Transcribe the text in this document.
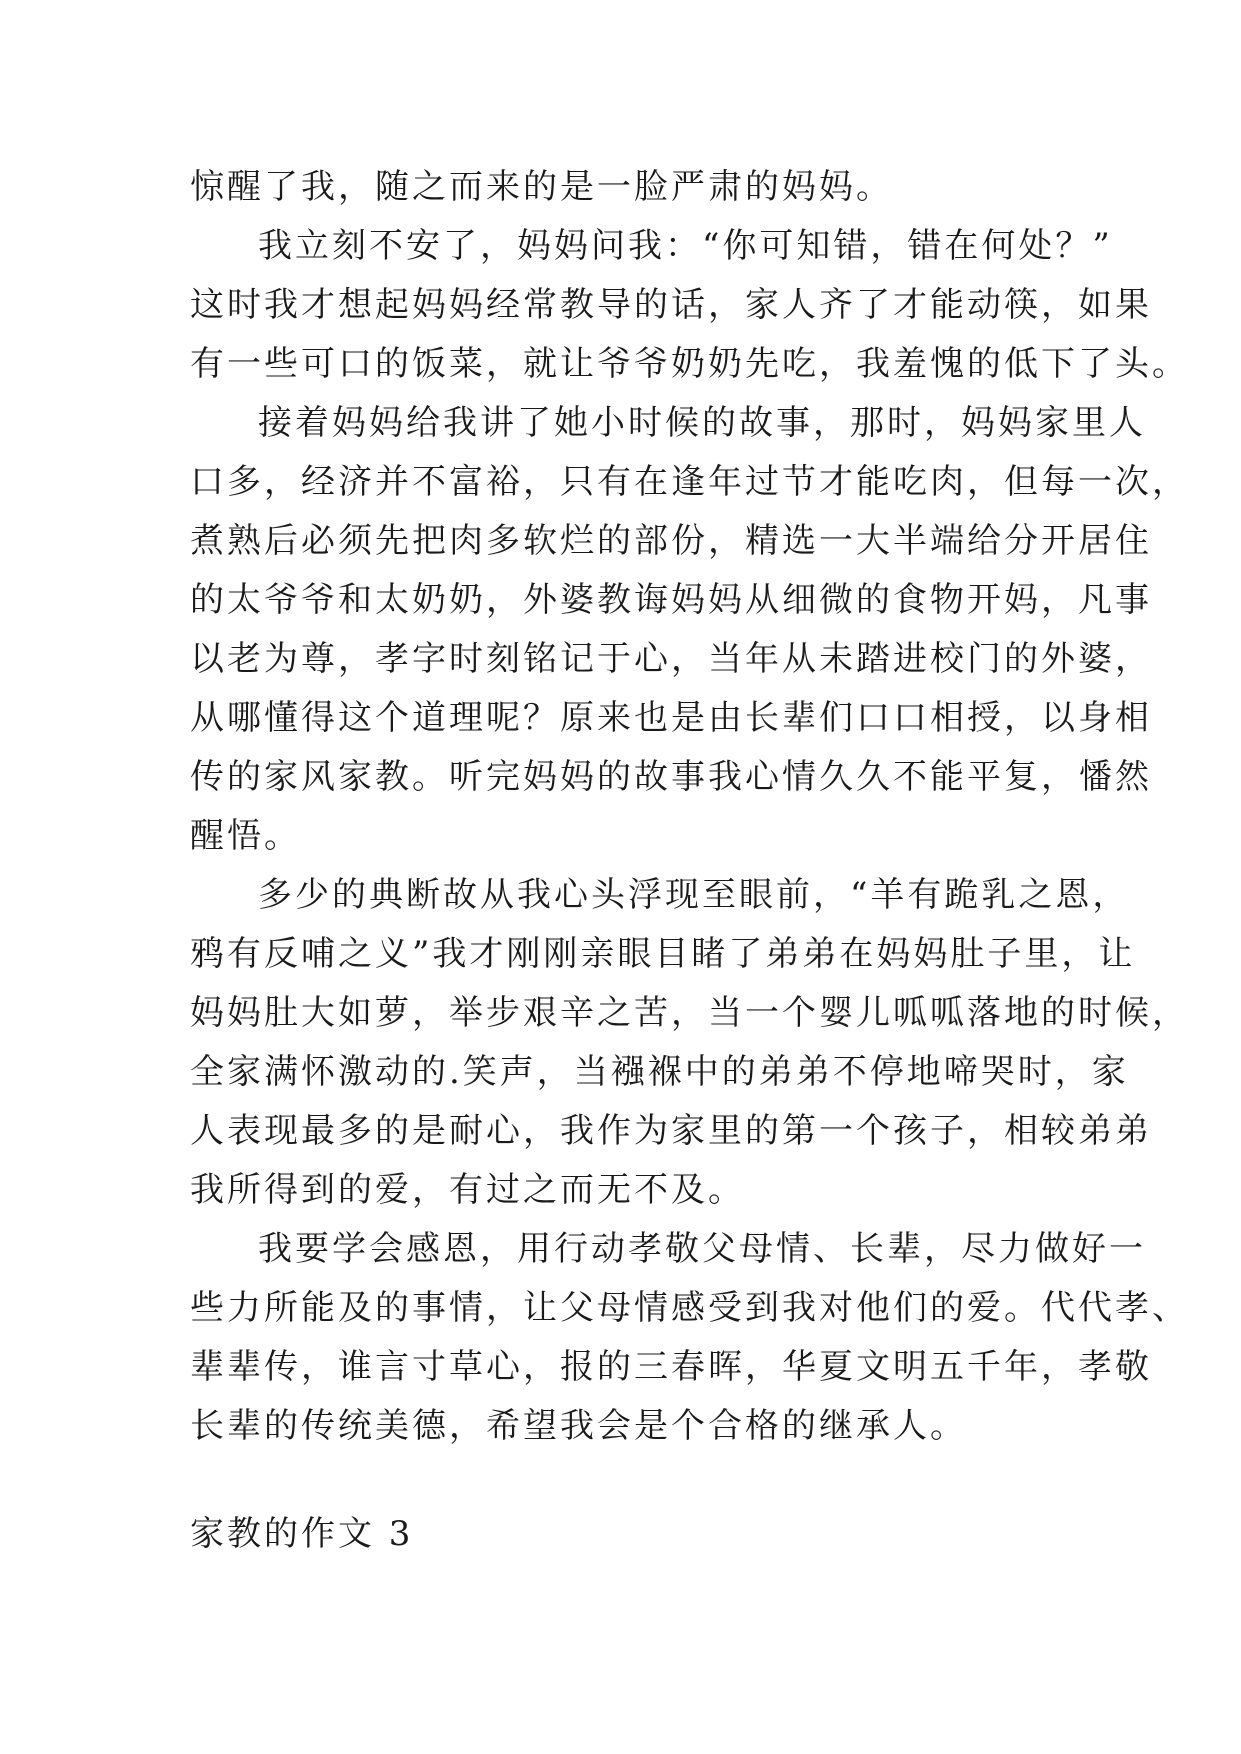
惊醒了我，随之而来的是一脸严肃的妈妈。
我立刻不安了，妈妈问我：“你可知错，错在何处？”
这时我才想起妈妈经常教导的话，家人齐了才能动筷，如果
有一些可口的饭菜，就让爷爷奶奶先吃，我羞愧的低下了头。
接着妈妈给我讲了她小时候的故事，那时，妈妈家里人
口多，经济并不富裕，只有在逢年过节才能吃肉，但每一次，
煮熟后必须先把肉多软烂的部份，精选一大半端给分开居住
的太爷爷和太奶奶，外婆教诲妈妈从细微的食物开妈，凡事
以老为尊，孝字时刻铭记于心，当年从未踏进校门的外婆，
从哪懂得这个道理呢？原来也是由长辈们口口相授，以身相
传的家风家教。听完妈妈的故事我心情久久不能平复，憣然
醒悟。
多少的典断故从我心头浮现至眼前，“羊有跪乳之恩，
鸦有反哺之义”我才刚刚亲眼目睹了弟弟在妈妈肚子里，让
妈妈肚大如萝，举步艰辛之苦，当一个婴儿呱呱落地的时候，
全家满怀激动的.笑声，当襁褓中的弟弟不停地啼哭时，家
人表现最多的是耐心，我作为家里的第一个孩子，相较弟弟
我所得到的爱，有过之而无不及。
我要学会感恩，用行动孝敬父母情、长辈，尽力做好一
些力所能及的事情，让父母情感受到我对他们的爱。代代孝、
辈辈传，谁言寸草心，报的三春晖，华夏文明五千年，孝敬
长辈的传统美德，希望我会是个合格的继承人。
家教的作文 3
